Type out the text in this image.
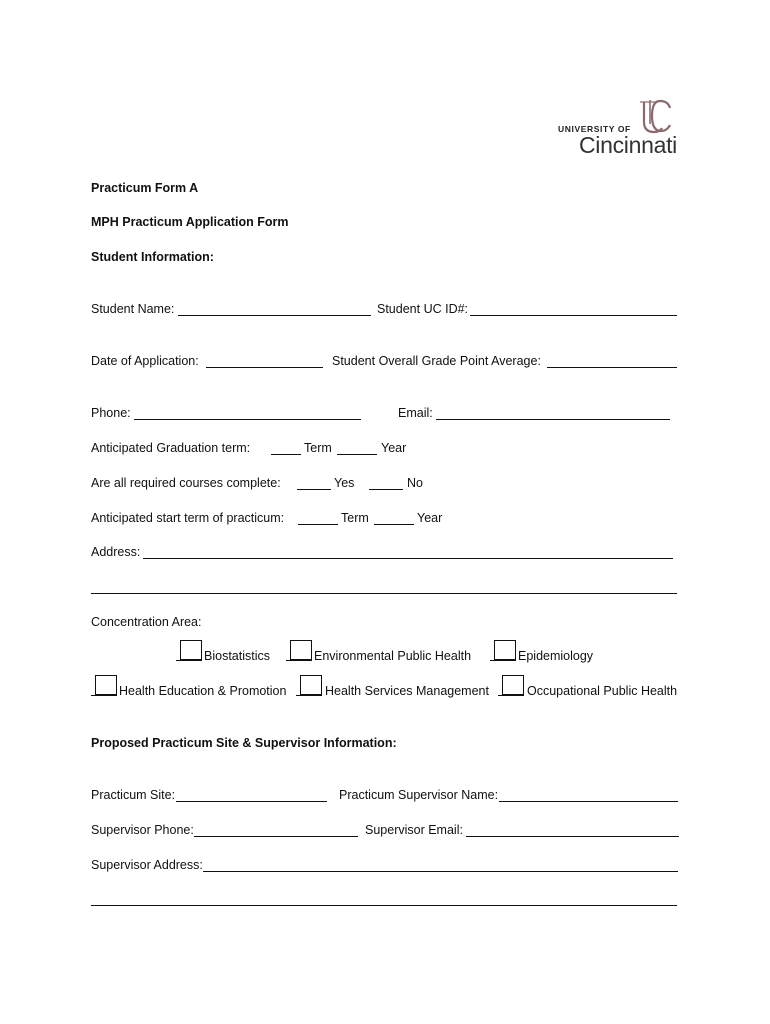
UNIVERSITY OF
Cincinnati
Practicum Form A
MPH Practicum Application Form
Student Information:
Student Name:	Student UC ID#:
Date of Application:	Student Overall Grade Point Average:
Phone:	Email:
Anticipated Graduation term:	Term	Year
Are all required courses complete:	Yes	No
Anticipated start term of practicum:	Term	Year
Address:
Concentration Area:
Biostatistics	Environmental Public Health	Epidemiology
Health Education & Promotion	Health Services Management	Occupational Public Health
Proposed Practicum Site & Supervisor Information:
Practicum Site:	Practicum Supervisor Name:
Supervisor Phone:	Supervisor Email:
Supervisor Address:
